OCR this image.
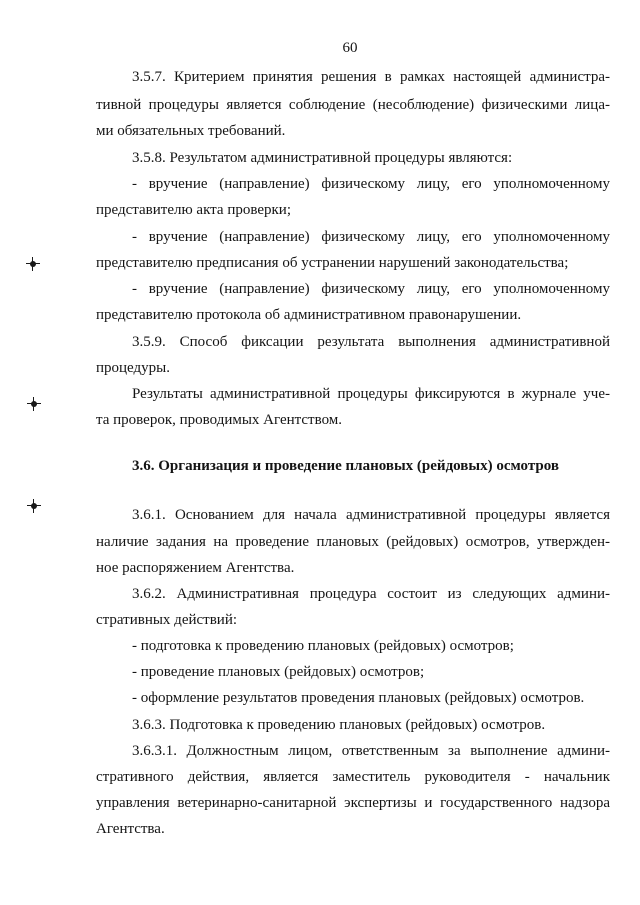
60
3.5.7. Критерием принятия решения в рамках настоящей администра-
тивной процедуры является соблюдение (несоблюдение) физическими лица-
ми обязательных требований.
3.5.8. Результатом административной процедуры являются:
- вручение (направление) физическому лицу, его уполномоченному
представителю акта проверки;
- вручение (направление) физическому лицу, его уполномоченному
представителю предписания об устранении нарушений законодательства;
- вручение (направление) физическому лицу, его уполномоченному
представителю протокола об административном правонарушении.
3.5.9. Способ фиксации результата выполнения административной
процедуры.
Результаты административной процедуры фиксируются в журнале уче-
та проверок, проводимых Агентством.
3.6. Организация и проведение плановых (рейдовых) осмотров
3.6.1. Основанием для начала административной процедуры является
наличие задания на проведение плановых (рейдовых) осмотров, утвержден-
ное распоряжением Агентства.
3.6.2. Административная процедура состоит из следующих админи-
стративных действий:
- подготовка к проведению плановых (рейдовых) осмотров;
- проведение плановых (рейдовых) осмотров;
- оформление результатов проведения плановых (рейдовых) осмотров.
3.6.3. Подготовка к проведению плановых (рейдовых) осмотров.
3.6.3.1. Должностным лицом, ответственным за выполнение админи-
стративного действия, является заместитель руководителя - начальник
управления ветеринарно-санитарной экспертизы и государственного надзора
Агентства.
